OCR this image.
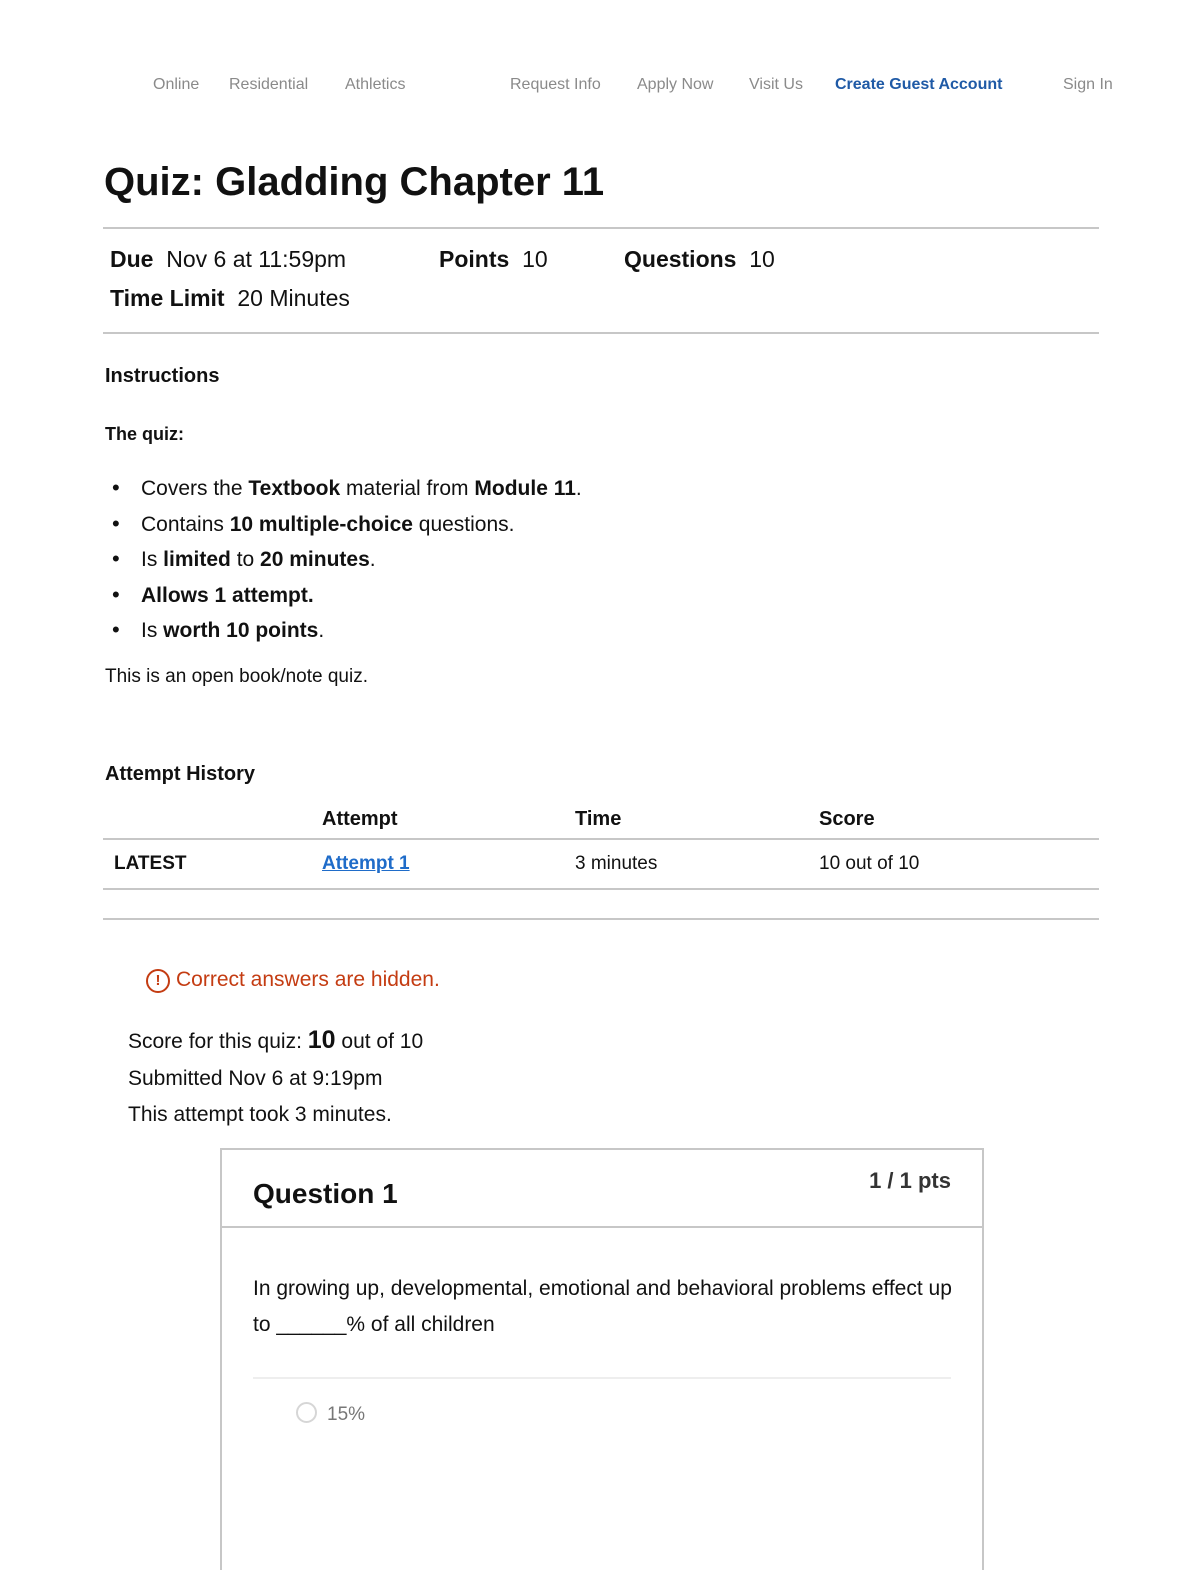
Online Residential Athletics	Request Info Apply Now Visit Us Create Guest Account	Sign In
Quiz: Gladding Chapter 11
Due Nov 6 at 11:59pm	Points 10	Questions 10
Time Limit 20 Minutes
Instructions
The quiz:
• Covers the Textbook material from Module 11.
• Contains 10 multiple-choice questions.
• Is limited to 20 minutes.
• Allows 1 attempt.
• Is worth 10 points.
This is an open book/note quiz.
Attempt History
	Attempt	Time	Score
LATEST	Attempt 1	3 minutes	10 out of 10
! Correct answers are hidden.
Score for this quiz: 10 out of 10
Submitted Nov 6 at 9:19pm
This attempt took 3 minutes.
Question 1	1 / 1 pts
In growing up, developmental, emotional and behavioral problems effect up to ______% of all children
15%
